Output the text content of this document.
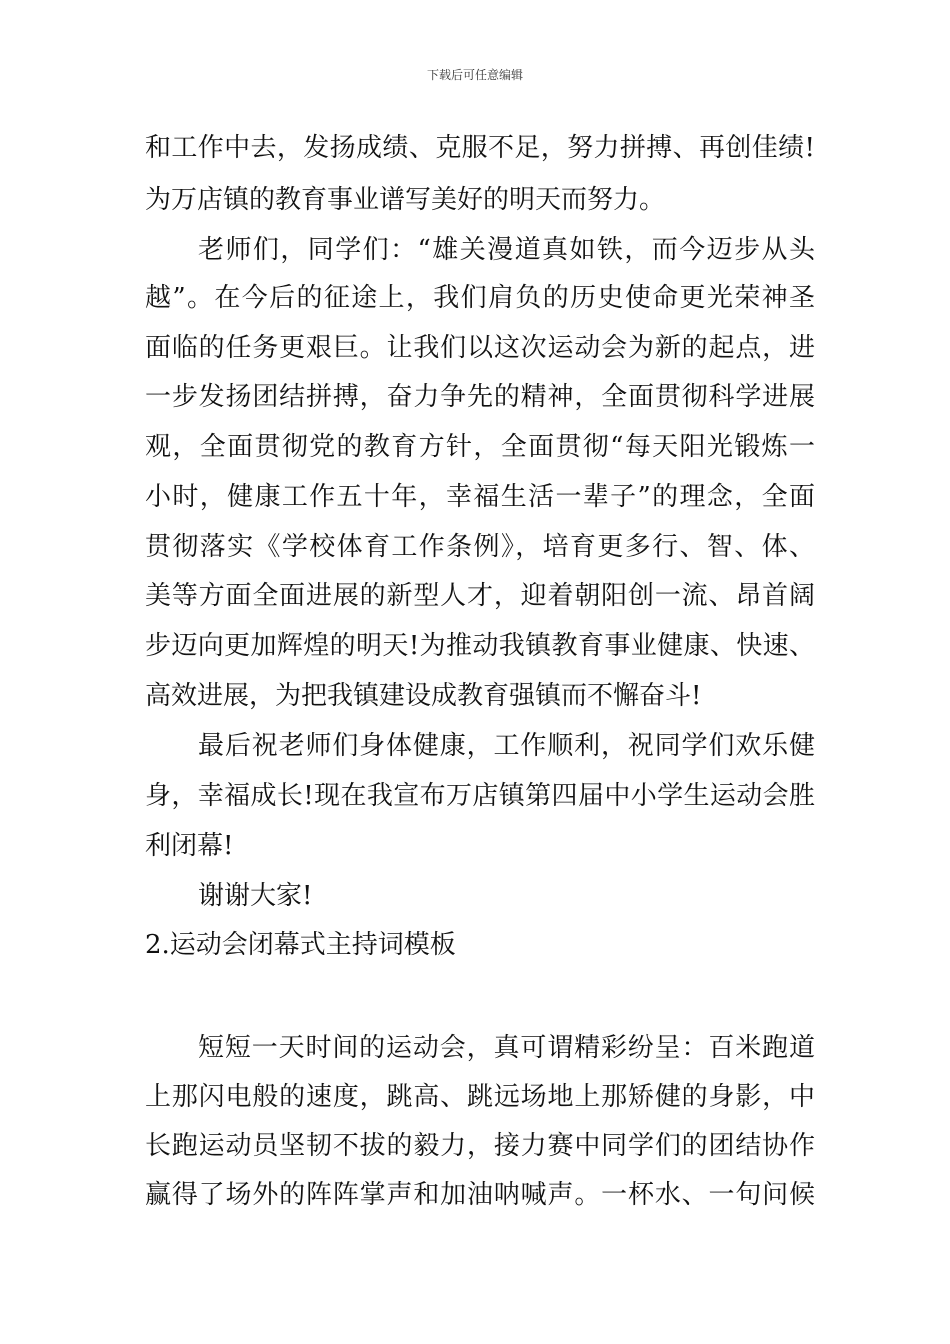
下载后可任意编辑
和工作中去，发扬成绩、克服不足，努力拼搏、再创佳绩!
为万店镇的教育事业谱写美好的明天而努力。
老师们，同学们：“雄关漫道真如铁，而今迈步从头
越”。在今后的征途上，我们肩负的历史使命更光荣神圣
面临的任务更艰巨。让我们以这次运动会为新的起点，进
一步发扬团结拼搏，奋力争先的精神，全面贯彻科学进展
观，全面贯彻党的教育方针，全面贯彻“每天阳光锻炼一
小时，健康工作五十年，幸福生活一辈子”的理念，全面
贯彻落实《学校体育工作条例》，培育更多行、智、体、
美等方面全面进展的新型人才，迎着朝阳创一流、昂首阔
步迈向更加辉煌的明天!为推动我镇教育事业健康、快速、
高效进展，为把我镇建设成教育强镇而不懈奋斗!
最后祝老师们身体健康，工作顺利，祝同学们欢乐健
身，幸福成长!现在我宣布万店镇第四届中小学生运动会胜
利闭幕!
谢谢大家!
2.运动会闭幕式主持词模板
短短一天时间的运动会，真可谓精彩纷呈：百米跑道
上那闪电般的速度，跳高、跳远场地上那矫健的身影，中
长跑运动员坚韧不拔的毅力，接力赛中同学们的团结协作
赢得了场外的阵阵掌声和加油呐喊声。一杯水、一句问候
